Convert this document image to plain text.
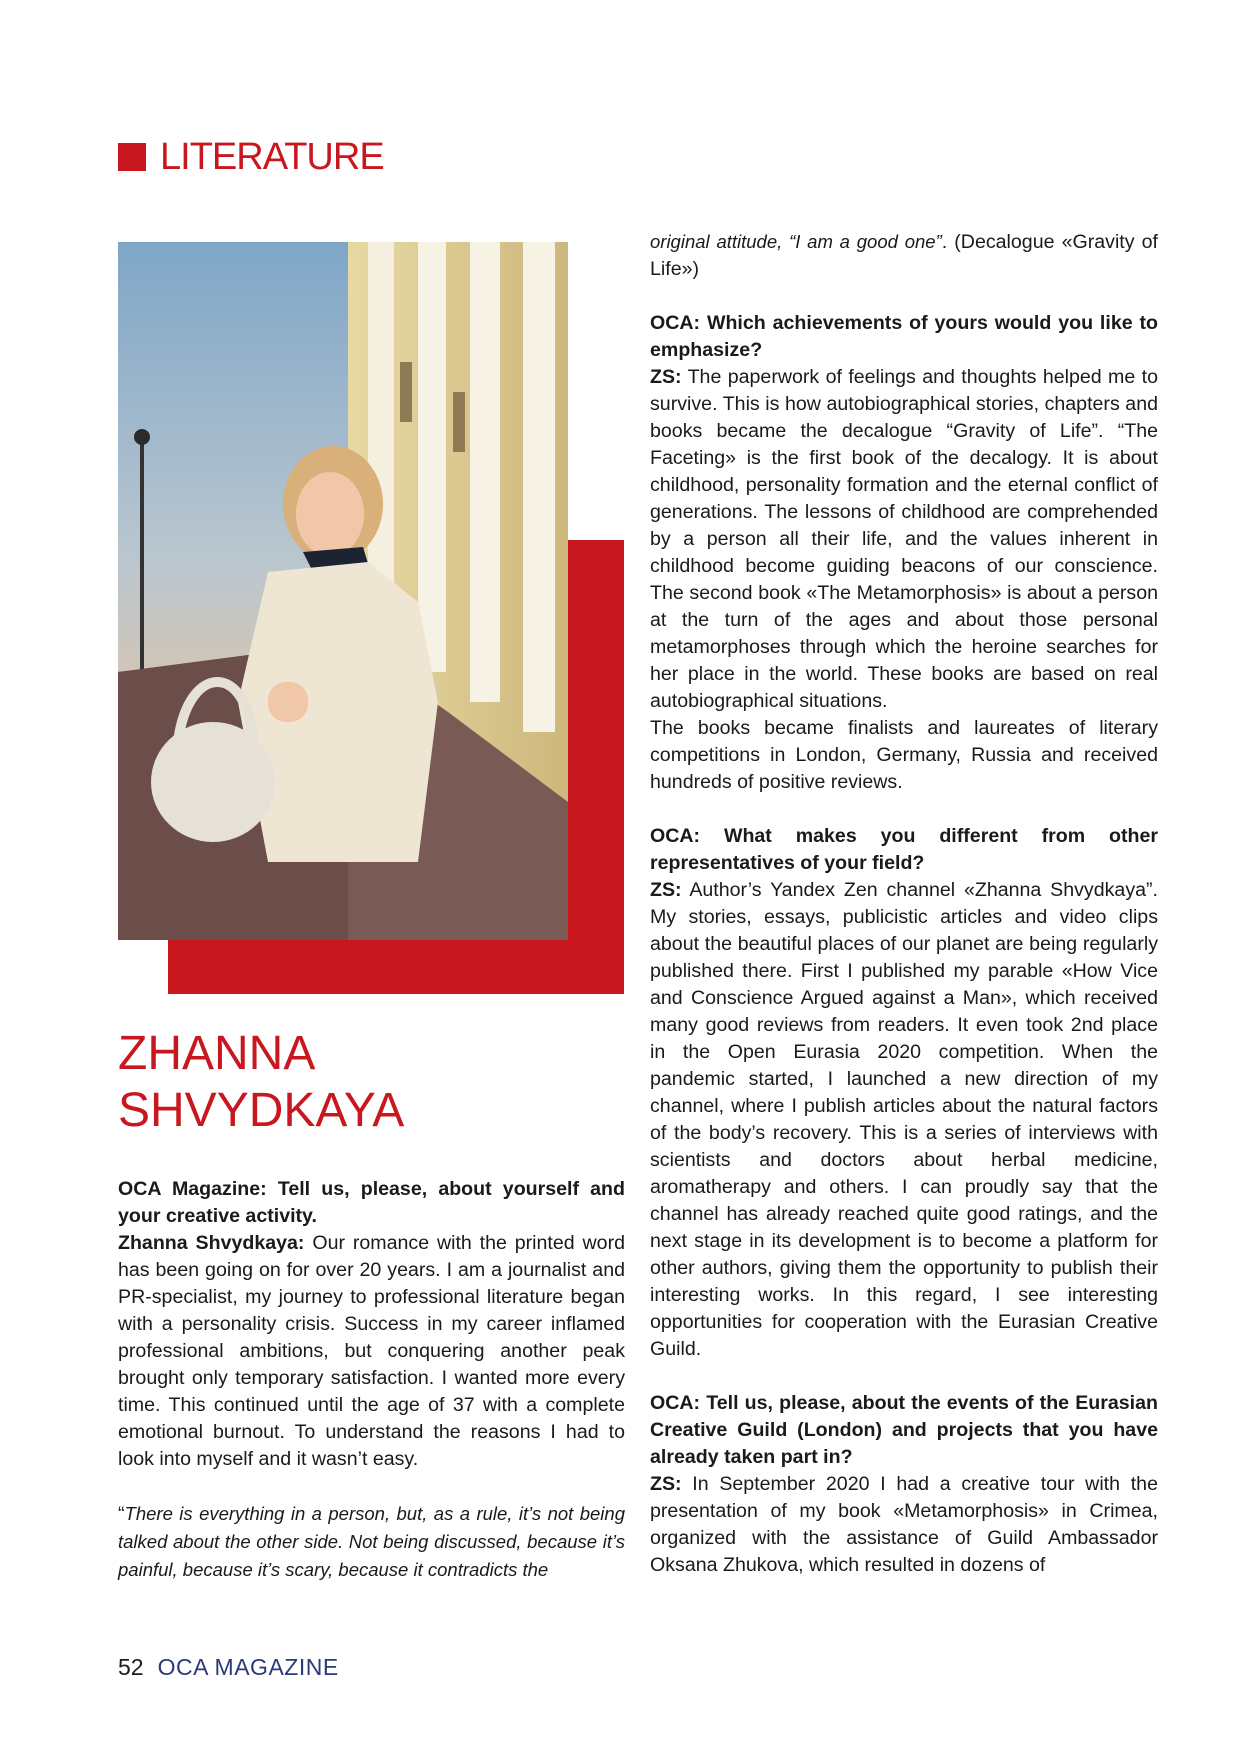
LITERATURE
ZHANNA
SHVYDKAYA

OCA Magazine: Tell us, please, about yourself and your creative activity.

Zhanna Shvydkaya: Our romance with the printed word has been going on for over 20 years. I am a journalist and PR-specialist, my journey to professional literature began with a personality crisis. Success in my career inflamed professional ambitions, but conquering another peak brought only temporary satisfaction. I wanted more every time. This continued until the age of 37 with a complete emotional burnout. To understand the reasons I had to look into myself and it wasn’t easy.

“There is everything in a person, but, as a rule, it’s not being talked about the other side. Not being discussed, because it’s painful, because it’s scary, because it contradicts the

original attitude, “I am a good one”. (Decalogue «Gravity of Life»)

OCA: Which achievements of yours would you like to emphasize?

ZS: The paperwork of feelings and thoughts helped me to survive. This is how autobiographical stories, chapters and books became the decalogue “Gravity of Life”. “The Faceting» is the first book of the decalogy. It is about childhood, personality formation and the eternal conflict of generations. The lessons of childhood are comprehended by a person all their life, and the values inherent in childhood become guiding beacons of our conscience. The second book «The Metamorphosis» is about a person at the turn of the ages and about those personal metamorphoses through which the heroine searches for her place in the world. These books are based on real autobiographical situations.

The books became finalists and laureates of literary competitions in London, Germany, Russia and received hundreds of positive reviews.

OCA: What makes you different from other representatives of your field?

ZS: Author’s Yandex Zen channel «Zhanna Shvydkaya”. My stories, essays, publicistic articles and video clips about the beautiful places of our planet are being regularly published there. First I published my parable «How Vice and Conscience Argued against a Man», which received many good reviews from readers. It even took 2nd place in the Open Eurasia 2020 competition. When the pandemic started, I launched a new direction of my channel, where I publish articles about the natural factors of the body’s recovery. This is a series of interviews with scientists and doctors about herbal medicine, aromatherapy and others. I can proudly say that the channel has already reached quite good ratings, and the next stage in its development is to become a platform for other authors, giving them the opportunity to publish their interesting works. In this regard, I see interesting opportunities for cooperation with the Eurasian Creative Guild.

OCA: Tell us, please, about the events of the Eurasian Creative Guild (London) and projects that you have already taken part in?

ZS: In September 2020 I had a creative tour with the presentation of my book «Metamorphosis» in Crimea, organized with the assistance of Guild Ambassador Oksana Zhukova, which resulted in dozens of

52 OCA MAGAZINE
